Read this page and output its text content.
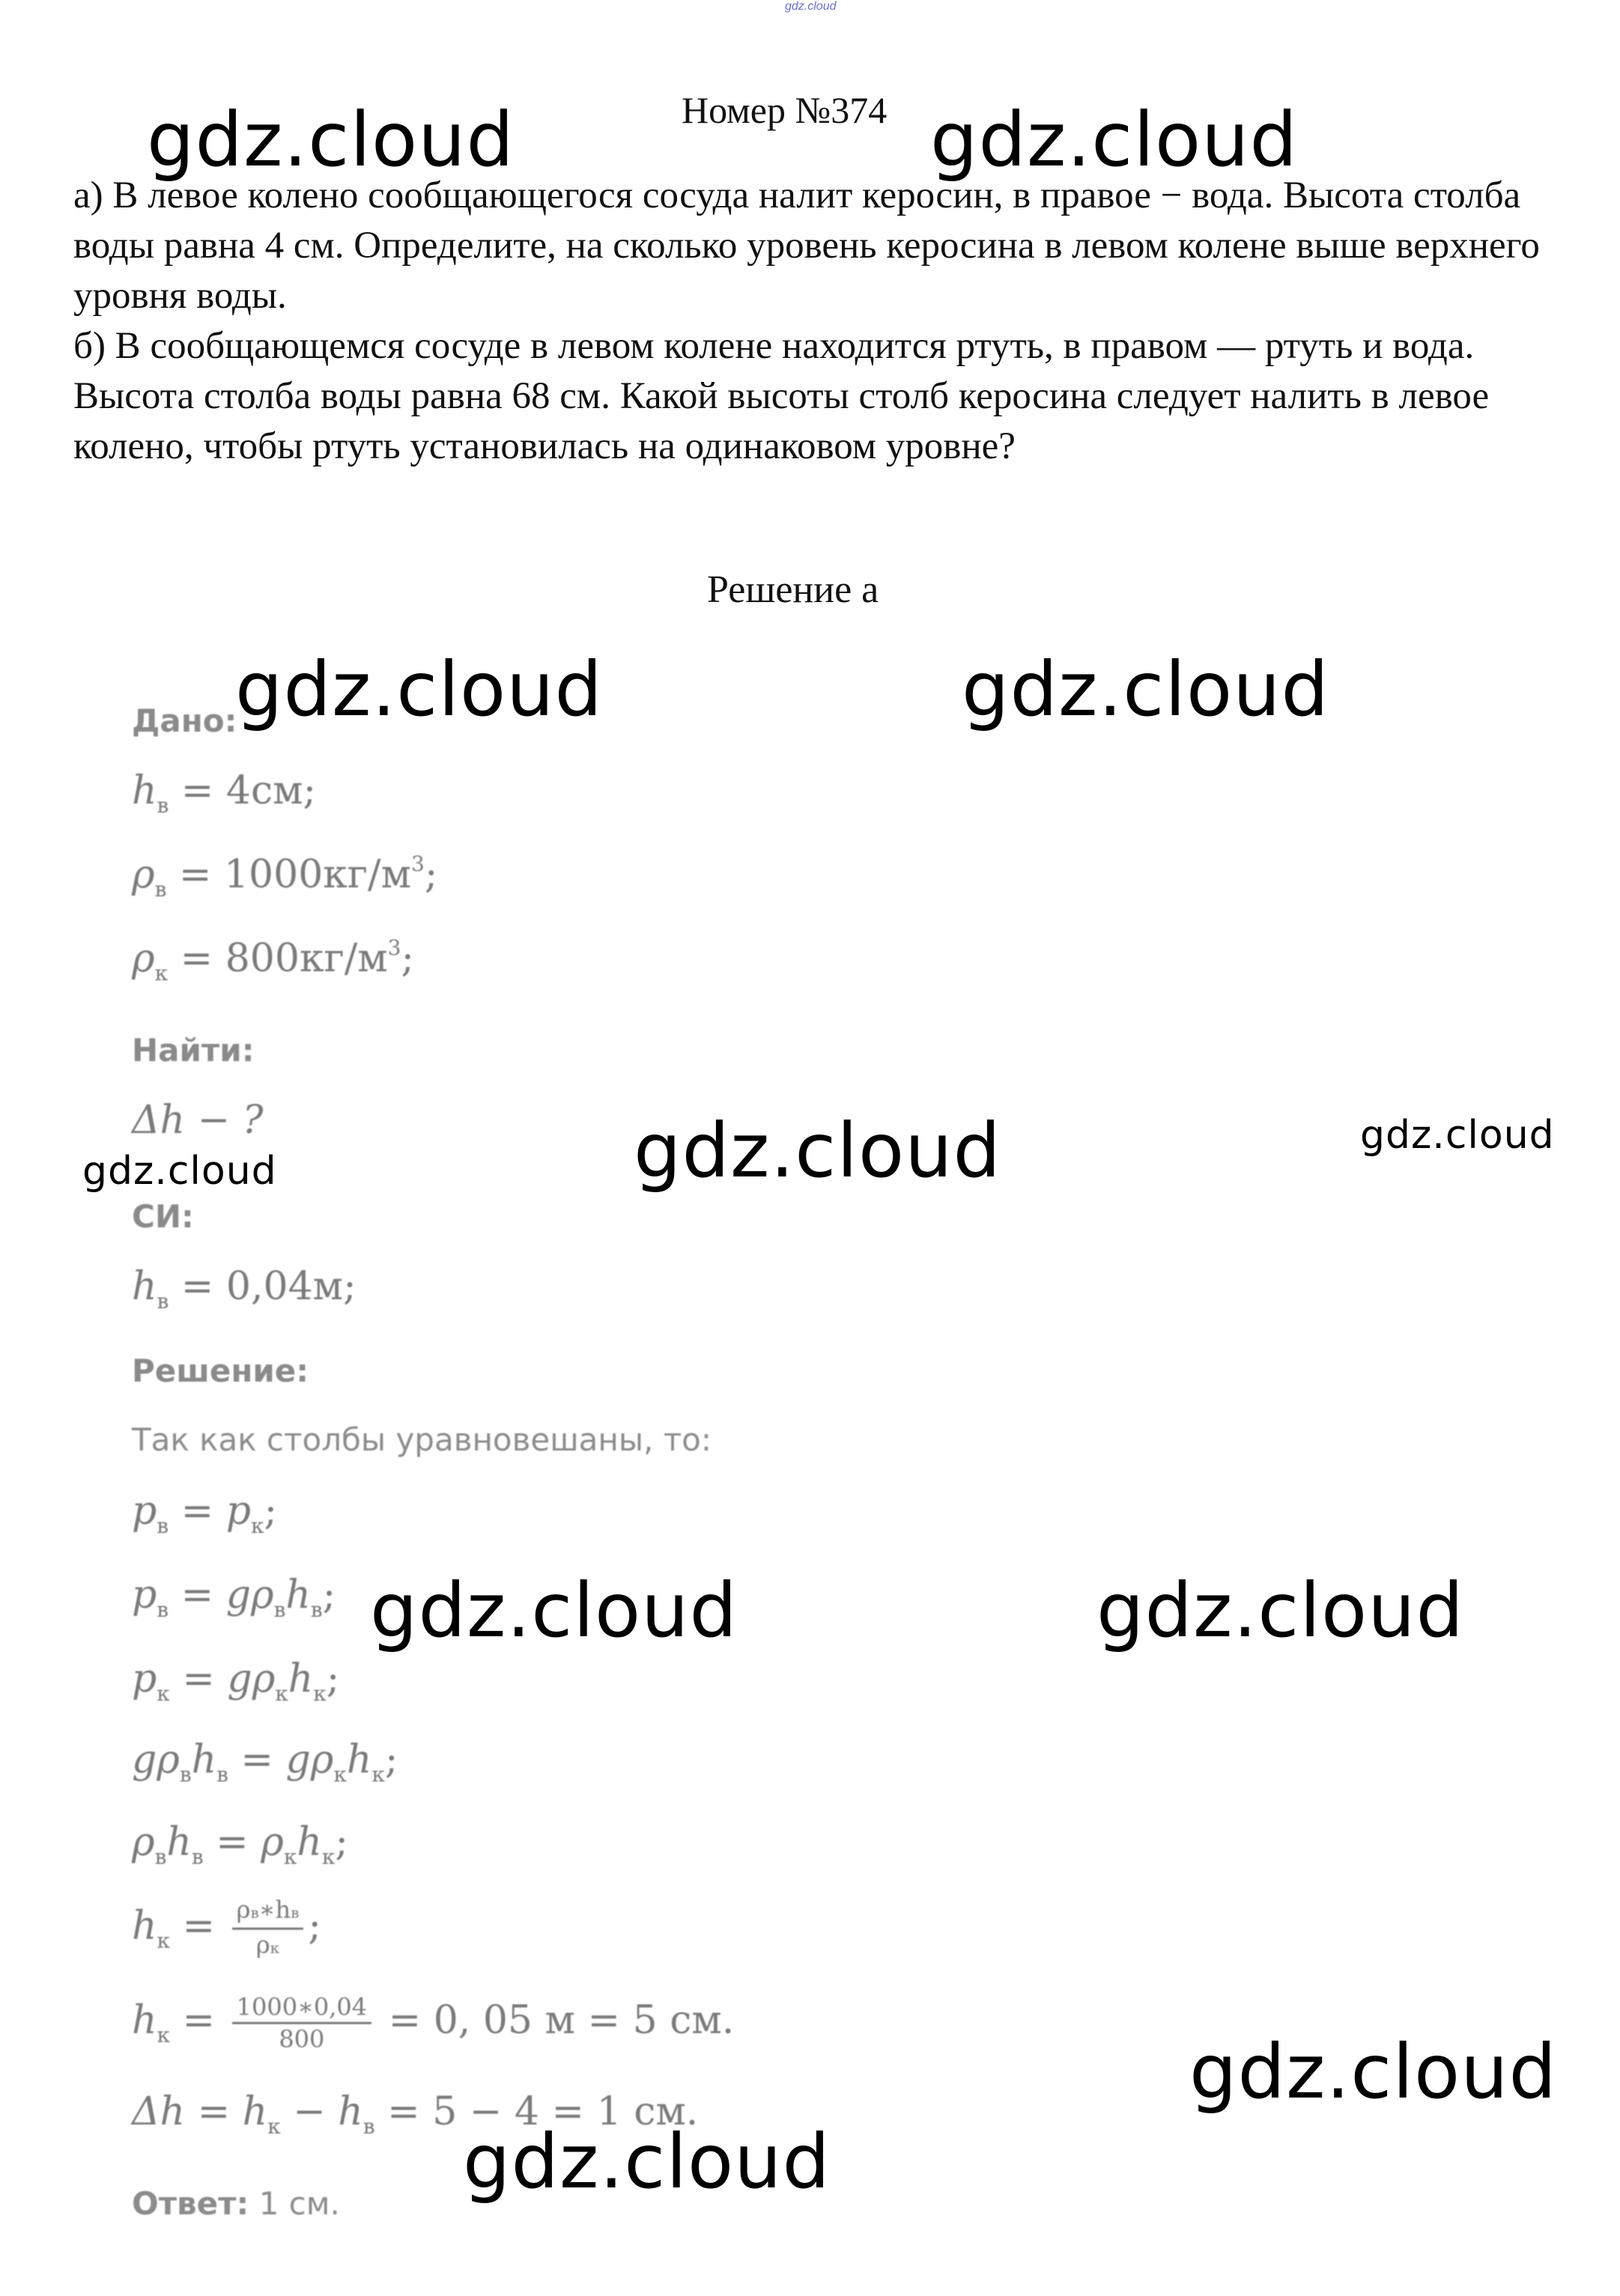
gdz.cloud
Номер №374

а) В левое колено сообщающегося сосуда налит керосин, в правое − вода. Высота столба воды равна 4 см. Определите, на сколько уровень керосина в левом колене выше верхнего уровня воды.

б) В сообщающемся сосуде в левом колене находится ртуть, в правом — ртуть и вода. Высота столба воды равна 68 см. Какой высоты столб керосина следует налить в левое колено, чтобы ртуть установилась на одинаковом уровне?

Решение а
Дано:
$h_в = 4см$;
$\rho_в = 1000кг/м^3$;
$\rho_к = 800кг/м^3$;
Найти:
Δh − ?
СИ:
$h_в = 0,04м$;
Решение:
Так как столбы уравновешаны, то:
$p_в = p_к$;
$p_в = g\rho_вh_в$;
$p_к = g\rho_кh_к$;
$g\rho_вh_в = g\rho_кh_к$;
$\rho_вh_в = \rho_кh_к$;
$h_к = \frac{\rho в∗hв}{\rho к}$ ;
$h_к = \frac{1000∗0,04}{800} = 0$, 05 м = 5 см.
$\Delta h = h_к - h_в = 5 - 4 = 1$ см.
Ответ: 1 см.
gdz.cloud	gdz.cloud
gdz.cloud	gdz.cloud
gdz.cloud	gdz.cloud
gdz.cloud
gdz.cloud	gdz.cloud
gdz.cloud
gdz.cloud
